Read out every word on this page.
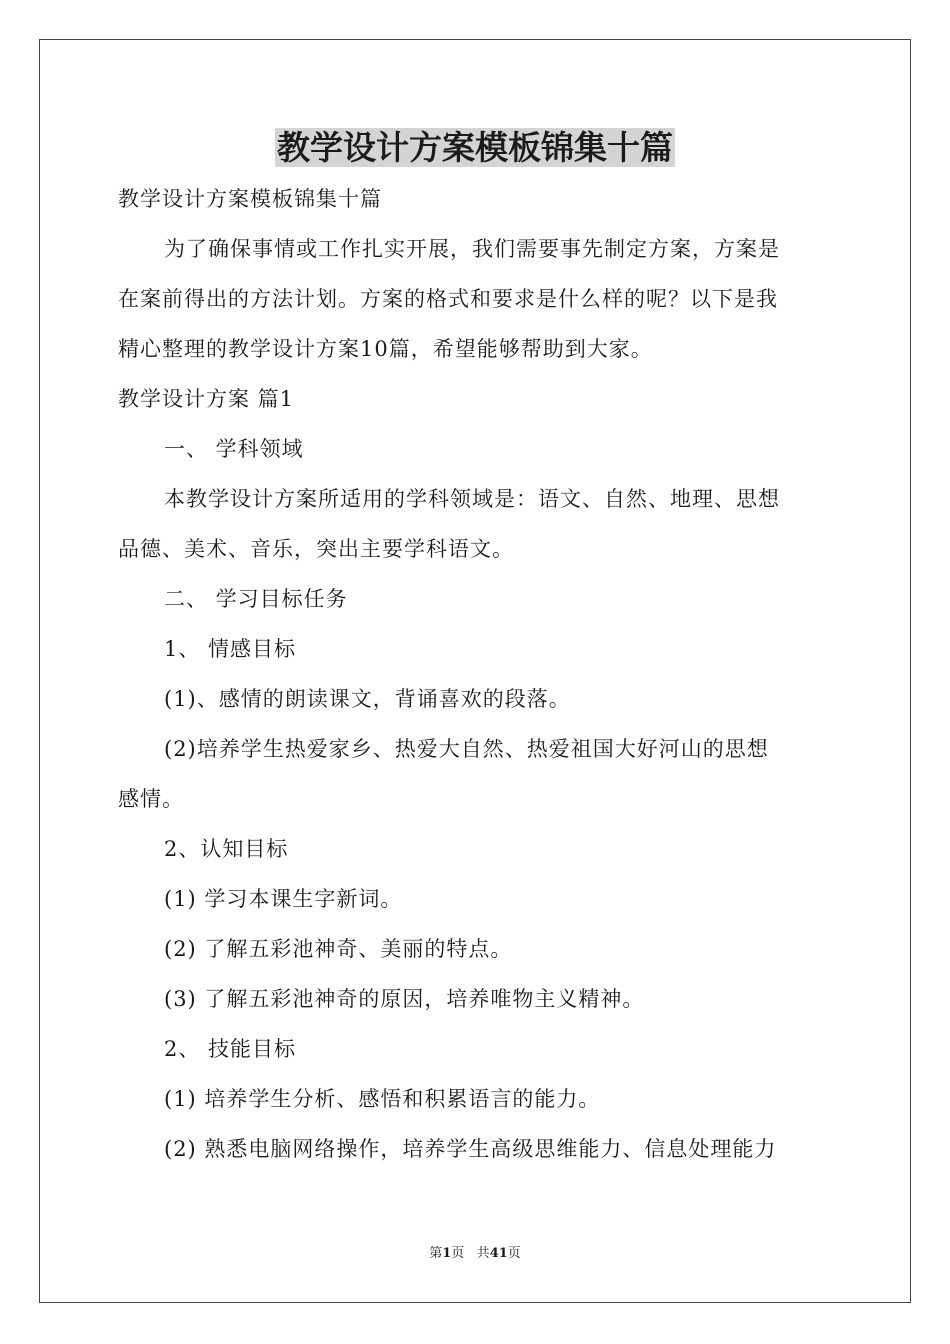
教学设计方案模板锦集十篇
教学设计方案模板锦集十篇
为了确保事情或工作扎实开展，我们需要事先制定方案，方案是
在案前得出的方法计划。方案的格式和要求是什么样的呢？以下是我
精心整理的教学设计方案10篇，希望能够帮助到大家。
教学设计方案 篇1
一、 学科领域
本教学设计方案所适用的学科领域是：语文、自然、地理、思想
品德、美术、音乐，突出主要学科语文。
二、 学习目标任务
1、 情感目标
(1)、感情的朗读课文，背诵喜欢的段落。
(2)培养学生热爱家乡、热爱大自然、热爱祖国大好河山的思想
感情。
2、认知目标
(1) 学习本课生字新词。
(2) 了解五彩池神奇、美丽的特点。
(3) 了解五彩池神奇的原因，培养唯物主义精神。
2、 技能目标
(1) 培养学生分析、感悟和积累语言的能力。
(2) 熟悉电脑网络操作，培养学生高级思维能力、信息处理能力
第1页 共41页
